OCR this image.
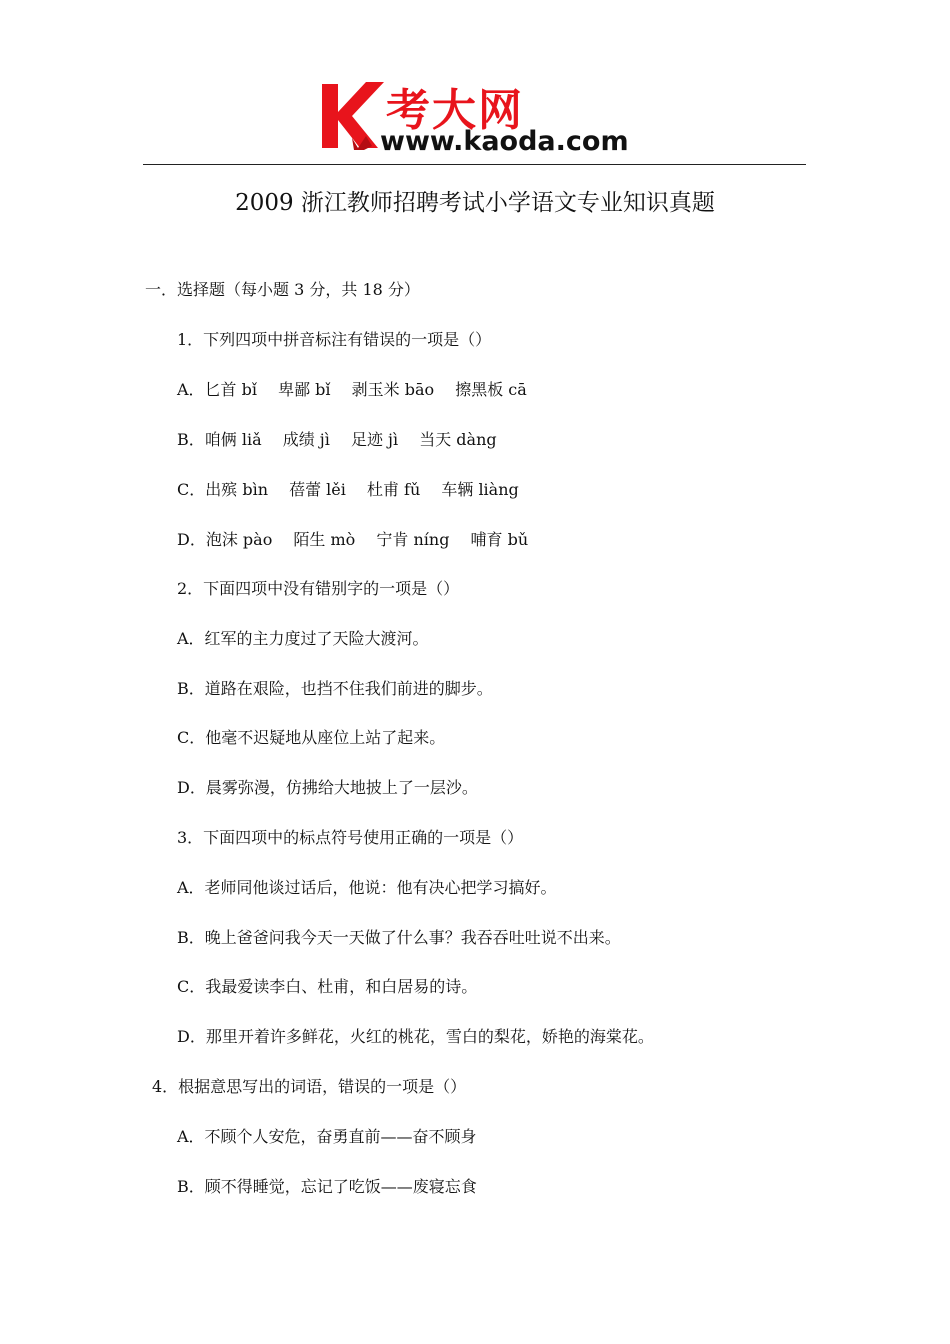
考大网
www.kaoda.com
2009 浙江教师招聘考试小学语文专业知识真题
一．选择题（每小题 3 分，共 18 分）
1．下列四项中拼音标注有错误的一项是（）
A．匕首 bǐ　 卑鄙 bǐ　 剥玉米 bāo　 擦黑板 cā
B．咱俩 liǎ　 成绩 jì　 足迹 jì　 当天 dàng
C．出殡 bìn　 蓓蕾 lěi　 杜甫 fǔ　 车辆 liàng
D．泡沫 pào　 陌生 mò　 宁肯 níng　 哺育 bǔ
2．下面四项中没有错别字的一项是（）
A．红军的主力度过了天险大渡河。
B．道路在艰险，也挡不住我们前进的脚步。
C．他毫不迟疑地从座位上站了起来。
D．晨雾弥漫，仿拂给大地披上了一层沙。
3．下面四项中的标点符号使用正确的一项是（）
A．老师同他谈过话后，他说：他有决心把学习搞好。
B．晚上爸爸问我今天一天做了什么事？我吞吞吐吐说不出来。
C．我最爱读李白、杜甫，和白居易的诗。
D．那里开着许多鲜花，火红的桃花，雪白的梨花，娇艳的海棠花。
4．根据意思写出的词语，错误的一项是（）
A．不顾个人安危，奋勇直前——奋不顾身
B．顾不得睡觉，忘记了吃饭——废寝忘食
